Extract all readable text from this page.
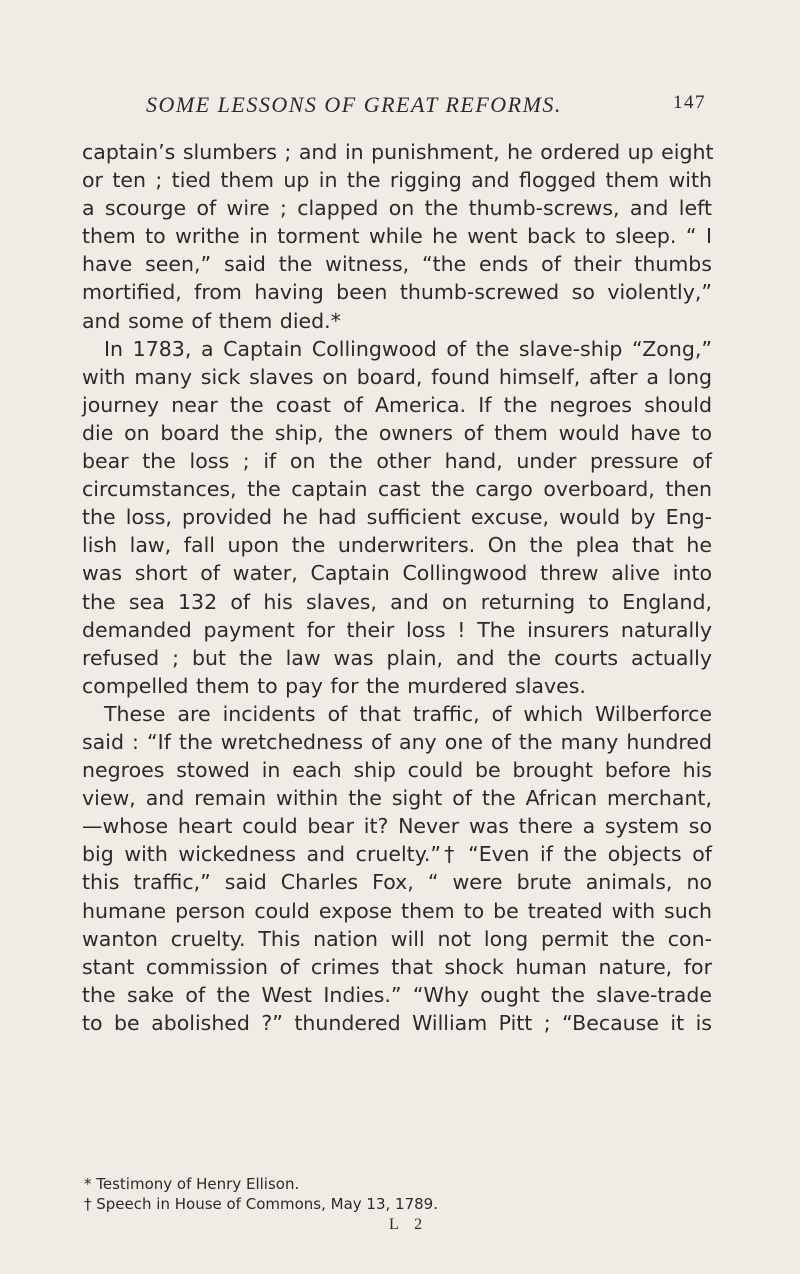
SOME LESSONS OF GREAT REFORMS.	147
captain’s slumbers ; and in punishment, he ordered up eight
or ten ; tied them up in the rigging and flogged them with
a scourge of wire ; clapped on the thumb-screws, and left
them to writhe in torment while he went back to sleep. “ I
have seen,” said the witness, “the ends of their thumbs
mortified, from having been thumb-screwed so violently,”
and some of them died.*
In 1783, a Captain Collingwood of the slave-ship “Zong,”
with many sick slaves on board, found himself, after a long
journey near the coast of America. If the negroes should
die on board the ship, the owners of them would have to
bear the loss ; if on the other hand, under pressure of
circumstances, the captain cast the cargo overboard, then
the loss, provided he had sufficient excuse, would by Eng-
lish law, fall upon the underwriters. On the plea that he
was short of water, Captain Collingwood threw alive into
the sea 132 of his slaves, and on returning to England,
demanded payment for their loss ! The insurers naturally
refused ; but the law was plain, and the courts actually
compelled them to pay for the murdered slaves.
These are incidents of that traffic, of which Wilberforce
said : “If the wretchedness of any one of the many hundred
negroes stowed in each ship could be brought before his
view, and remain within the sight of the African merchant,
—whose heart could bear it? Never was there a system so
big with wickedness and cruelty.”† “Even if the objects of
this traffic,” said Charles Fox, “ were brute animals, no
humane person could expose them to be treated with such
wanton cruelty. This nation will not long permit the con-
stant commission of crimes that shock human nature, for
the sake of the West Indies.” “Why ought the slave-trade
to be abolished ?” thundered William Pitt ; “Because it is
* Testimony of Henry Ellison.
† Speech in House of Commons, May 13, 1789.
L 2
